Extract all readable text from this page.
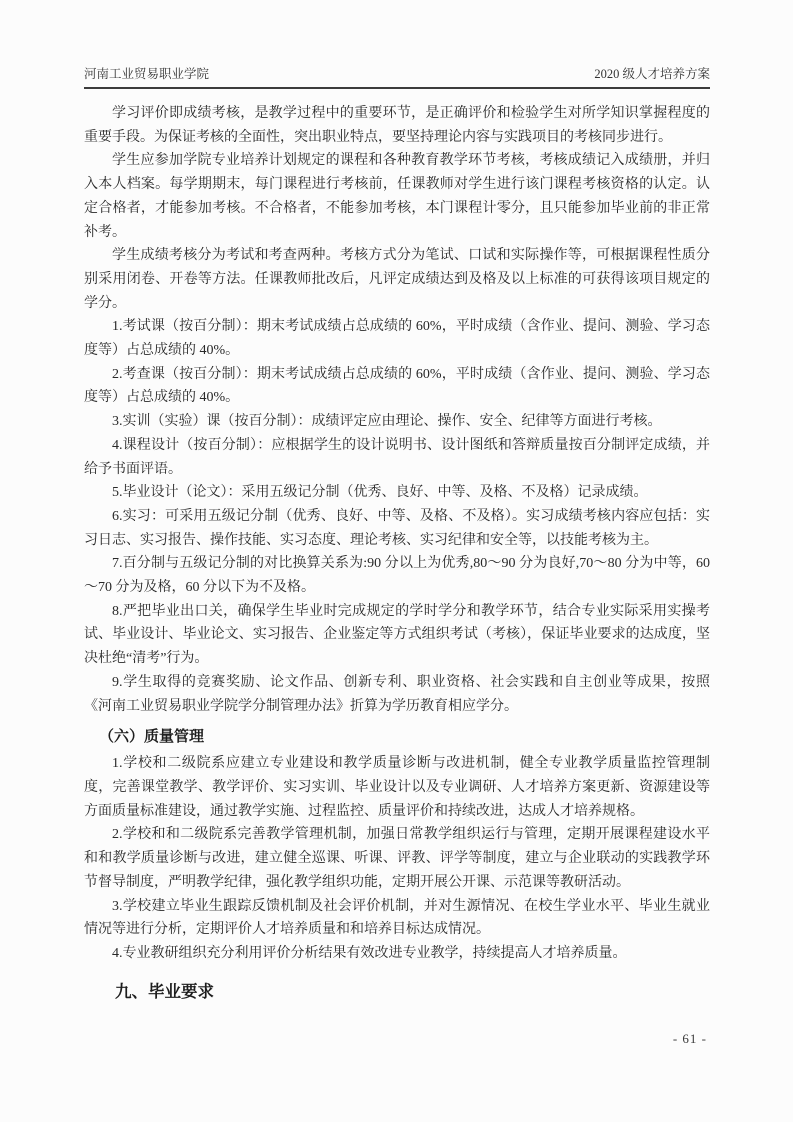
河南工业贸易职业学院	2020 级人才培养方案

学习评价即成绩考核，是教学过程中的重要环节，是正确评价和检验学生对所学知识掌握程度的重要手段。为保证考核的全面性，突出职业特点，要坚持理论内容与实践项目的考核同步进行。

学生应参加学院专业培养计划规定的课程和各种教育教学环节考核，考核成绩记入成绩册，并归入本人档案。每学期期末，每门课程进行考核前，任课教师对学生进行该门课程考核资格的认定。认定合格者，才能参加考核。不合格者，不能参加考核，本门课程计零分，且只能参加毕业前的非正常补考。

学生成绩考核分为考试和考查两种。考核方式分为笔试、口试和实际操作等，可根据课程性质分别采用闭卷、开卷等方法。任课教师批改后，凡评定成绩达到及格及以上标准的可获得该项目规定的学分。

1.考试课（按百分制）：期末考试成绩占总成绩的 60%，平时成绩（含作业、提问、测验、学习态度等）占总成绩的 40%。

2.考查课（按百分制）：期末考试成绩占总成绩的 60%，平时成绩（含作业、提问、测验、学习态度等）占总成绩的 40%。

3.实训（实验）课（按百分制）：成绩评定应由理论、操作、安全、纪律等方面进行考核。

4.课程设计（按百分制）：应根据学生的设计说明书、设计图纸和答辩质量按百分制评定成绩，并给予书面评语。

5.毕业设计（论文）：采用五级记分制（优秀、良好、中等、及格、不及格）记录成绩。

6.实习：可采用五级记分制（优秀、良好、中等、及格、不及格）。实习成绩考核内容应包括：实习日志、实习报告、操作技能、实习态度、理论考核、实习纪律和安全等，以技能考核为主。

7.百分制与五级记分制的对比换算关系为:90 分以上为优秀,80～90 分为良好,70～80 分为中等，60～70 分为及格，60 分以下为不及格。

8.严把毕业出口关，确保学生毕业时完成规定的学时学分和教学环节，结合专业实际采用实操考试、毕业设计、毕业论文、实习报告、企业鉴定等方式组织考试（考核），保证毕业要求的达成度，坚决杜绝“清考”行为。

9.学生取得的竞赛奖励、论文作品、创新专利、职业资格、社会实践和自主创业等成果，按照《河南工业贸易职业学院学分制管理办法》折算为学历教育相应学分。

（六）质量管理

1.学校和二级院系应建立专业建设和教学质量诊断与改进机制，健全专业教学质量监控管理制度，完善课堂教学、教学评价、实习实训、毕业设计以及专业调研、人才培养方案更新、资源建设等方面质量标准建设，通过教学实施、过程监控、质量评价和持续改进，达成人才培养规格。

2.学校和和二级院系完善教学管理机制，加强日常教学组织运行与管理，定期开展课程建设水平和和教学质量诊断与改进，建立健全巡课、听课、评教、评学等制度，建立与企业联动的实践教学环节督导制度，严明教学纪律，强化教学组织功能，定期开展公开课、示范课等教研活动。

3.学校建立毕业生跟踪反馈机制及社会评价机制，并对生源情况、在校生学业水平、毕业生就业情况等进行分析，定期评价人才培养质量和和培养目标达成情况。

4.专业教研组织充分利用评价分析结果有效改进专业教学，持续提高人才培养质量。

九、毕业要求
- 61 -
